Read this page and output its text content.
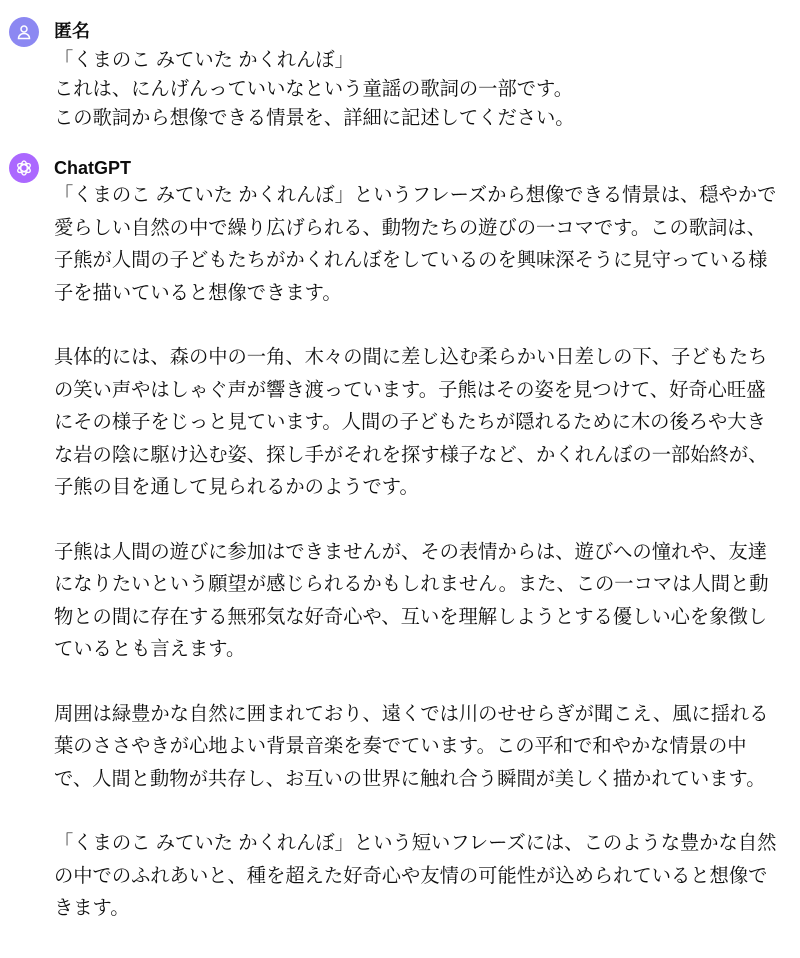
匿名
「くまのこ みていた かくれんぼ」
これは、にんげんっていいなという童謡の歌詞の一部です。
この歌詞から想像できる情景を、詳細に記述してください。
ChatGPT
「くまのこ みていた かくれんぼ」というフレーズから想像できる情景は、穏やかで
愛らしい自然の中で繰り広げられる、動物たちの遊びの一コマです。この歌詞は、
子熊が人間の子どもたちがかくれんぼをしているのを興味深そうに見守っている様
子を描いていると想像できます。
具体的には、森の中の一角、木々の間に差し込む柔らかい日差しの下、子どもたち
の笑い声やはしゃぐ声が響き渡っています。子熊はその姿を見つけて、好奇心旺盛
にその様子をじっと見ています。人間の子どもたちが隠れるために木の後ろや大き
な岩の陰に駆け込む姿、探し手がそれを探す様子など、かくれんぼの一部始終が、
子熊の目を通して見られるかのようです。
子熊は人間の遊びに参加はできませんが、その表情からは、遊びへの憧れや、友達
になりたいという願望が感じられるかもしれません。また、この一コマは人間と動
物との間に存在する無邪気な好奇心や、互いを理解しようとする優しい心を象徴し
ているとも言えます。
周囲は緑豊かな自然に囲まれており、遠くでは川のせせらぎが聞こえ、風に揺れる
葉のささやきが心地よい背景音楽を奏でています。この平和で和やかな情景の中
で、人間と動物が共存し、お互いの世界に触れ合う瞬間が美しく描かれています。
「くまのこ みていた かくれんぼ」という短いフレーズには、このような豊かな自然
の中でのふれあいと、種を超えた好奇心や友情の可能性が込められていると想像で
きます。
